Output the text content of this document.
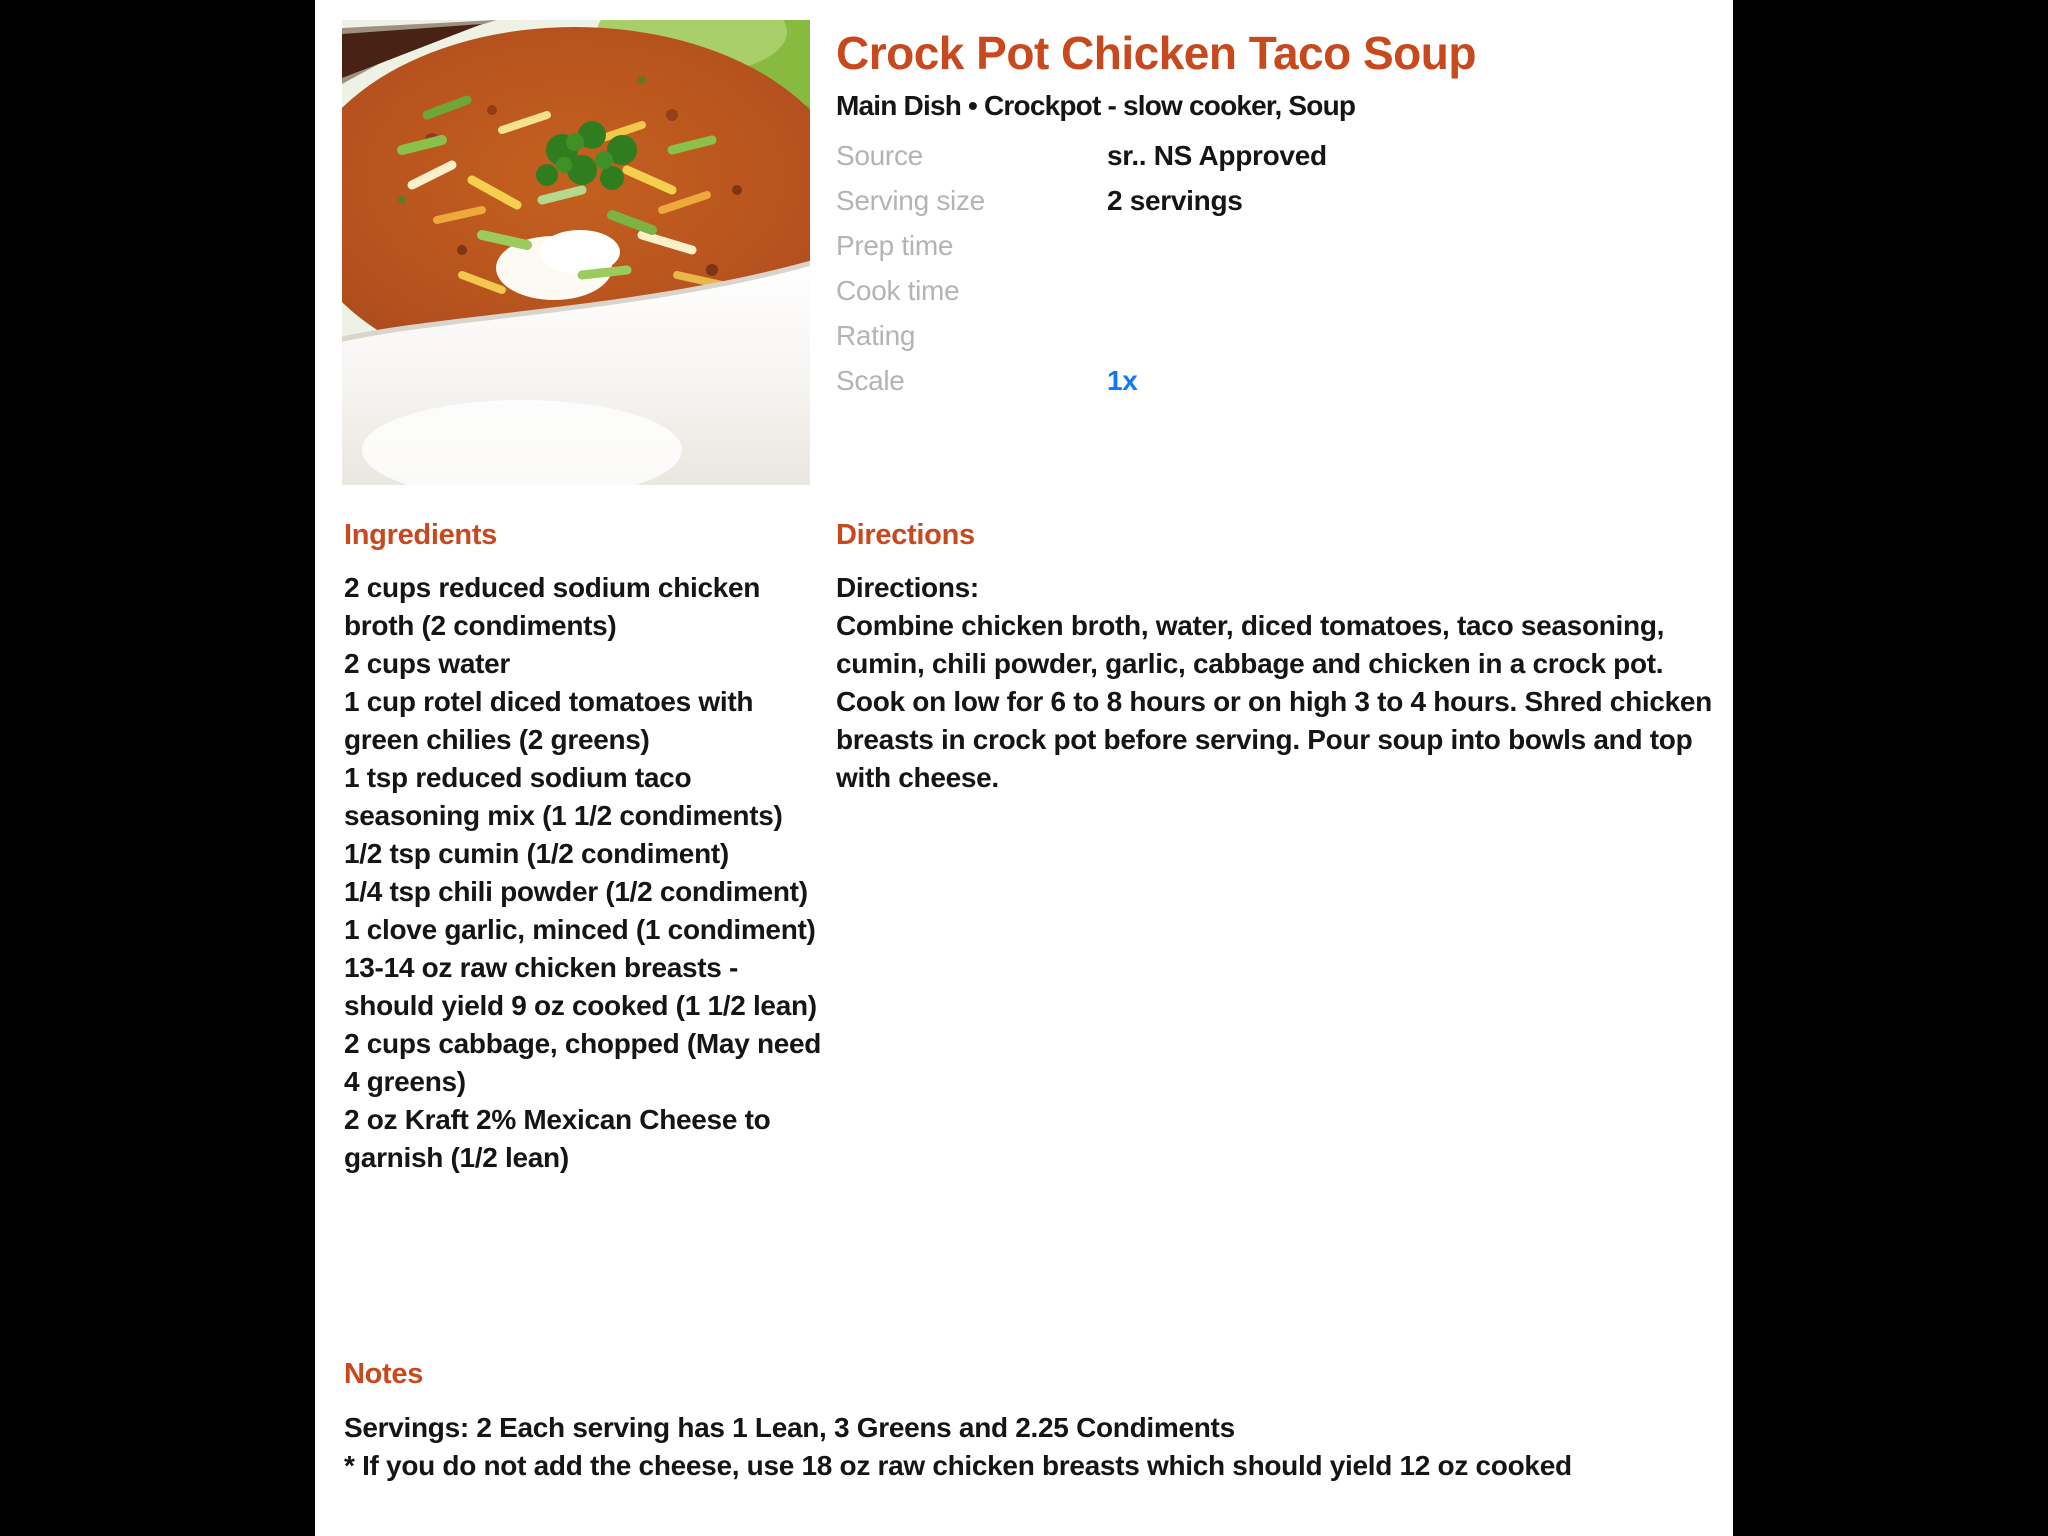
Crock Pot Chicken Taco Soup
Main Dish • Crockpot - slow cooker, Soup
Source	sr.. NS Approved
Serving size	2 servings
Prep time
Cook time
Rating
Scale	1x
Ingredients	Directions
Notes

2 cups reduced sodium chicken broth (2 condiments)

2 cups water

1 cup rotel diced tomatoes with green chilies (2 greens)

1 tsp reduced sodium taco seasoning mix (1 1/2 condiments)

1/2 tsp cumin (1/2 condiment)

1/4 tsp chili powder (1/2 condiment)

1 clove garlic, minced (1 condiment)

13-14 oz raw chicken breasts - should yield 9 oz cooked (1 1/2 lean)

2 cups cabbage, chopped (May need 4 greens)

2 oz Kraft 2% Mexican Cheese to garnish (1/2 lean)

Directions:

Combine chicken broth, water, diced tomatoes, taco seasoning, cumin, chili powder, garlic, cabbage and chicken in a crock pot. Cook on low for 6 to 8 hours or on high 3 to 4 hours. Shred chicken breasts in crock pot before serving. Pour soup into bowls and top with cheese.

Servings: 2 Each serving has 1 Lean, 3 Greens and 2.25 Condiments

* If you do not add the cheese, use 18 oz raw chicken breasts which should yield 12 oz cooked
